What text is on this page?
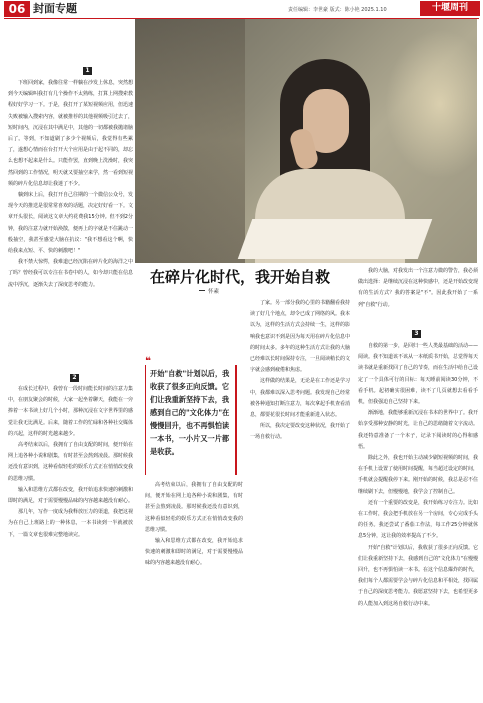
06 封面专题	责任编辑：李世豪 版式：陈小艳 2025.1.10	十堰周刊
1

下班回到家，我像往常一样躺在沙发上休息，突然想到今天编辑叫我打有几个操作不太熟练，打算上网搜索教程好好学习一下。于是，我打开了某短视频应用，但迅速失败被输入搜索内容，就被推荐的其他视频吸引过去了，短时间内，沉浸在其中满足中，其他的一切都被我抛诸脑后了。等到，不知道刷了多少个视频后，我觉得有些累了，遂想心情而在台打开大个应用是由于起不同的，却忘么也想不起来是什么。只能作罢，直到晚上洗澡时，我突然回到的工作情况，明天就又要抽空来学，然一看到短视频的碎片化信息却让我迷了不少。

躺到床上后，我打开自己往期的一个微信公众号，发现今天的推送是很常常喜欢的话题，决定好好看一下。文章开头很长，阅读这文章大约花费我15分钟。但不到2分钟，我的注意力就开始涣散，便再上的字就是不住跳动一般抽空，我甚至感觉大脑在抗议："我不想看这个啊，快给我来点短、平、快的刺激吧！"

我不禁大惊愕，我难道已经沉陷在碎片化的海洋之中了吗？曾经我可以专注在书卷中的人，如今却只能在信息流中浮沉，逐渐失去了深度思考的能力。

2

在成长过程中，我曾有一段时间能长时间的注意力集中，在朋友聚会的时候，大家一起坐着聊天，我能在一旁捧着一本书读上好几个小时，那种沉浸在文字世界里的感觉让我无比满足。后来，随着工作的忙碌和各种社交媒体的兴起，这样的时光越来越少。

高考结束以后，我拥有了自由支配的时间，便开始在网上追各种小说和剧集，有时甚至会熬到凌晨。那时候我还没有意识到，这种看似轻松的娱乐方式正在悄悄改变我的思维习惯。

输入和思维方式都在改变，我开始追求快速的刺激和即时的满足，对于需要慢慢品味的内容越来越没有耐心。

那几年，写作一度成为我释放压力的渠道，我把这视为在自己上班路上的一种休息，一本书读到一半就被放下，一篇文章也很难完整地读完。

在碎片化时代，我开始自救
怀素
❝
开始"自救"计划以后，我收获了很多正向反馈。它们让我重新坚持下去，我感到自己的"文化体力"在慢慢回升，也不再惧怕读一本书，一小片又一片都是收获。

了家。另一部分我的心里的书籍翻看我持读了好几个地点，却令已成了网络的风。我本以为，这样的生活方式会持续一生，这样的影响我也意识不到是因为每天用在碎片化信息中的时间太多。多年的这种生活方式让我的大脑已经难以长时间保持专注，一旦阅读稍长的文字就会感到疲倦和焦虑。

这样做的结果是，无论是在工作还是学习中，我都难以深入思考问题。我发现自己经常被各种通知打断注意力，每次拿起手机查看消息，都要花很长时间才能重新进入状态。

所以，我决定要改变这种状况，我开始了一场自救行动。

高考结束以后，我拥有了自由支配的时间，便开始在网上追各种小说和剧集，有时甚至会熬到凌晨。那时候我还没有意识到，这种看似轻松的娱乐方式正在悄悄改变我的思维习惯。

输入和思维方式都在改变，我开始追求快速的刺激和即时的满足，对于需要慢慢品味的内容越来越没有耐心。

我的大脑，对我发出一个注意力微的警告，我必须做出选择：是继续沉浸在这种快感中，还是开始改变现有的生活方式？我的答案是"不"。因此我开始了一系列"自救"行动。

3

自救的第一步，是回归一些人类最基础的活动——阅读。我不知道该不该从一本纸质书开始，总觉得每天读书就是重新找回了自己的节奏，而在生活中给自己设定了一个具体可行的目标：每天睡前阅读30分钟，不看手机。起初确实很困难，读不了几页就想去看看手机，但我强迫自己坚持下来。

渐渐地，我能够重新沉浸在书本的世界中了。我开始享受那种安静的时光，让自己的思绪随着文字流动。我还特意准备了一个本子，记录下阅读时的心得和感悟。

除此之外，我也开始主动减少刷短视频的时间，我在手机上设置了使用时间提醒，每当超过设定的时间，手机就会提醒我停下来。刚开始的时候，我总是忍不住继续刷下去，但慢慢地，我学会了控制自己。

还有一个重要的改变是，我开始练习专注力。比如在工作时，我会把手机放在另一个房间，专心完成手头的任务。我还尝试了番茄工作法，每工作25分钟就休息5分钟，这让我的效率提高了不少。

开始"自救"计划以后，我收获了很多正向反馈。它们让我重新坚持下去，我感到自己的"文化体力"在慢慢回升，也不再惧怕读一本书。在这个信息爆炸的时代，我们每个人都需要学会与碎片化信息和平相处，找回属于自己的深度思考能力。我愿意坚持下去，也希望更多的人能加入到这场自救行动中来。
